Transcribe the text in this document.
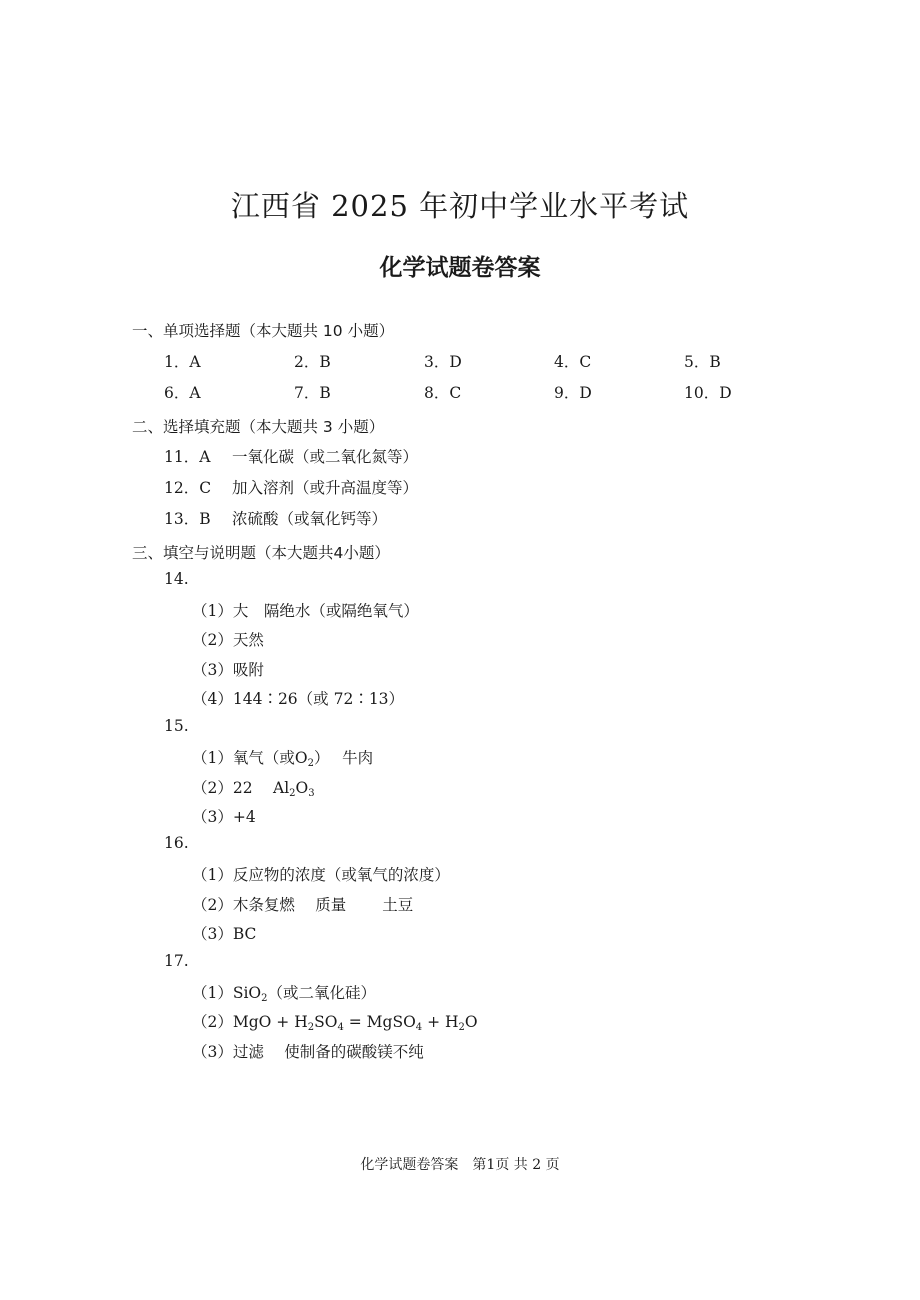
江西省 2025 年初中学业水平考试
化学试题卷答案
一、单项选择题（本大题共 10 小题）
1．A	2．B	3．D	4．C	5．B
6．A	7．B	8．C	9．D	10．D
二、选择填充题（本大题共 3 小题）
11．A 一氧化碳（或二氧化氮等）
12．C 加入溶剂（或升高温度等）
13．B 浓硫酸（或氧化钙等）
三、填空与说明题（本大题共4小题）
14.
（1）大　隔绝水（或隔绝氧气）
（2）天然
（3）吸附
（4）144∶26（或 72∶13）
15.
（1）氧气（或$O_2$）　 牛肉
（2）22　 $Al_2O_3$
（3）+4
16.
（1）反应物的浓度（或氧气的浓度）
（2）木条复燃　 质量　　 土豆
（3）BC
17.
（1）SiO$_2$（或二氧化硅）
$(2)MgO + H_2SO_4$ = MgSO$_4$ + $H_2O$
（3）过滤　 使制备的碳酸镁不纯
化学试题卷答案　第1页 共 2 页
